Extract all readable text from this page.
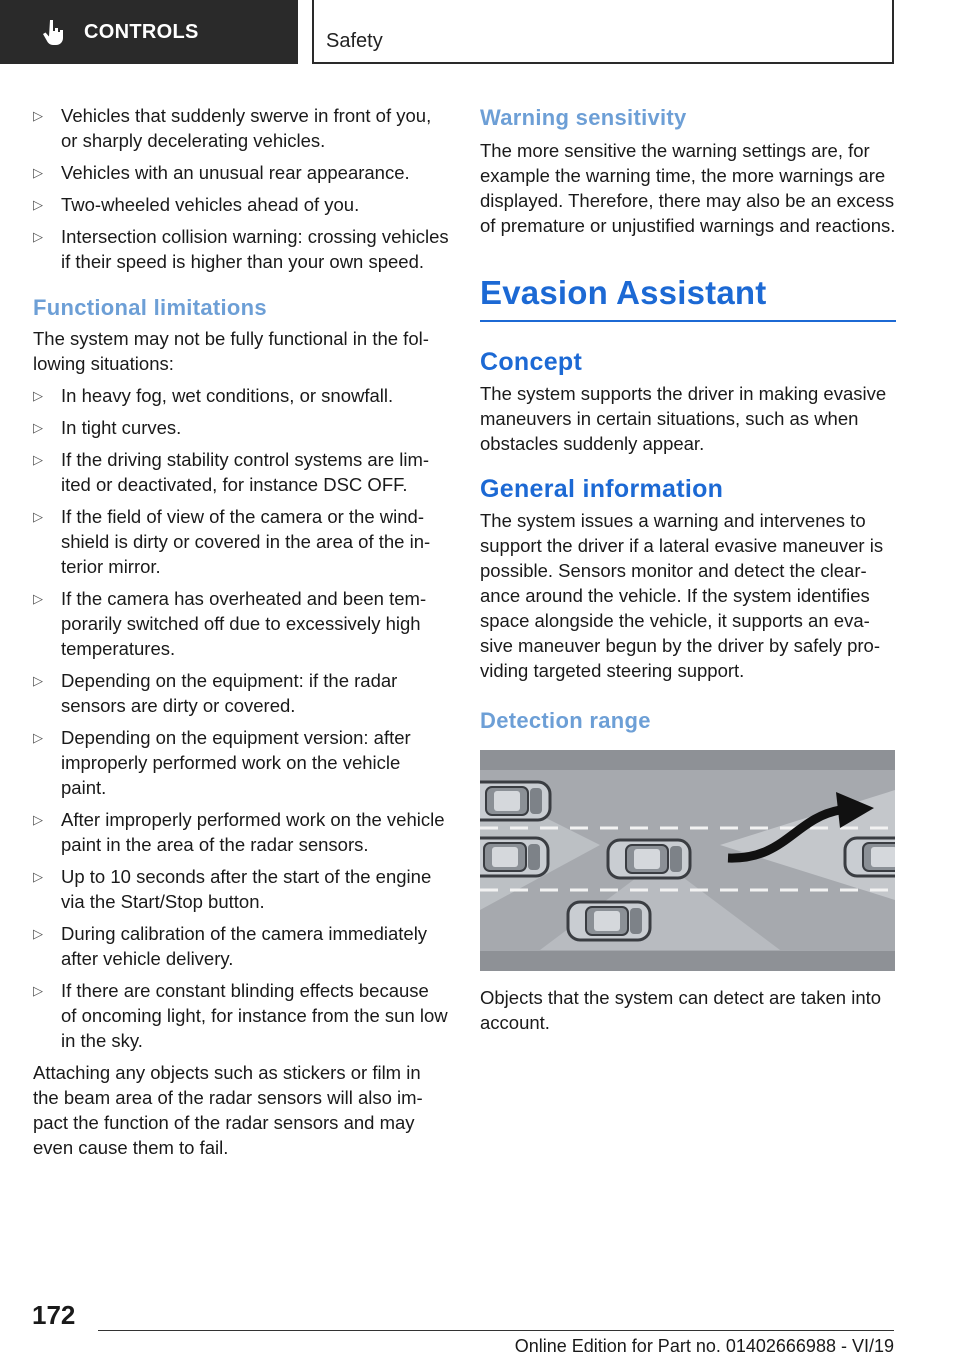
CONTROLS	Safety
▷ Vehicles that suddenly swerve in front of you, or sharply decelerating vehicles.
▷ Vehicles with an unusual rear appearance.
▷ Two-wheeled vehicles ahead of you.
▷ Intersection collision warning: crossing vehicles if their speed is higher than your own speed.
Functional limitations

The system may not be fully functional in the following situations:

▷ In heavy fog, wet conditions, or snowfall.
▷ In tight curves.
▷ If the driving stability control systems are limited or deactivated, for instance DSC OFF.
▷ If the field of view of the camera or the windshield is dirty or covered in the area of the interior mirror.
▷ If the camera has overheated and been temporarily switched off due to excessively high temperatures.
▷ Depending on the equipment: if the radar sensors are dirty or covered.
▷ Depending on the equipment version: after improperly performed work on the vehicle paint.
▷ After improperly performed work on the vehicle paint in the area of the radar sensors.
▷ Up to 10 seconds after the start of the engine via the Start/Stop button.
▷ During calibration of the camera immediately after vehicle delivery.
▷ If there are constant blinding effects because of oncoming light, for instance from the sun low in the sky.

Attaching any objects such as stickers or film in the beam area of the radar sensors will also impact the function of the radar sensors and may even cause them to fail.

Warning sensitivity

The more sensitive the warning settings are, for example the warning time, the more warnings are displayed. Therefore, there may also be an excess of premature or unjustified warnings and reactions.

Evasion Assistant
Concept

The system supports the driver in making evasive maneuvers in certain situations, such as when obstacles suddenly appear.

General information

The system issues a warning and intervenes to support the driver if a lateral evasive maneuver is possible. Sensors monitor and detect the clearance around the vehicle. If the system identifies space alongside the vehicle, it supports an evasive maneuver begun by the driver by safely providing targeted steering support.

Detection range

Objects that the system can detect are taken into account.

172
Online Edition for Part no. 01402666988 - VI/19
